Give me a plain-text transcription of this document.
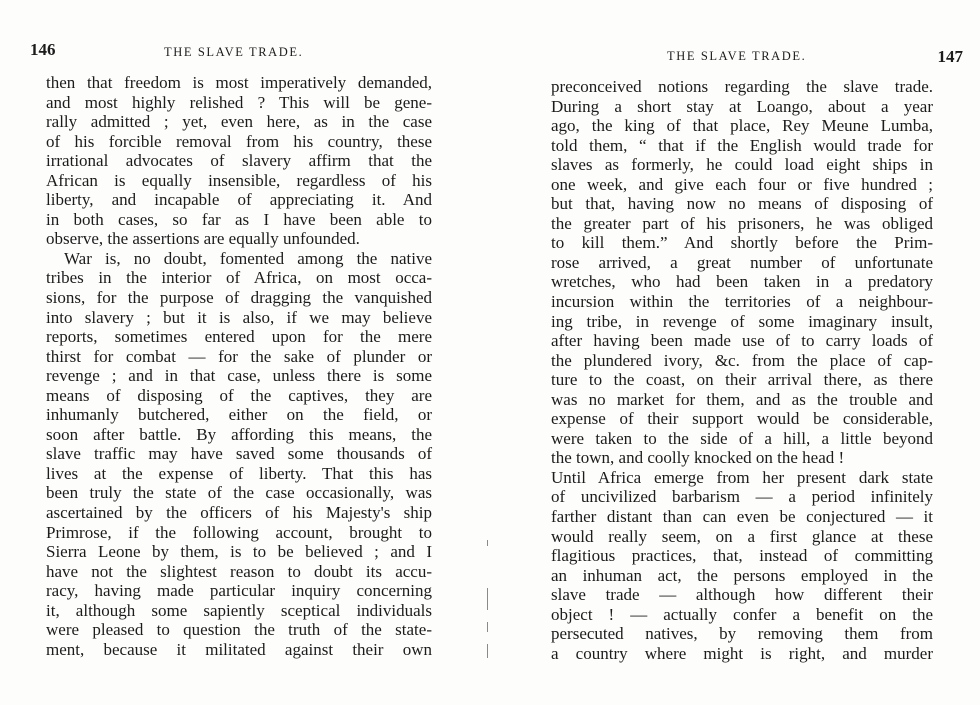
146	THE SLAVE TRADE.
then that freedom is most imperatively demanded,
and most highly relished ? This will be gene-
rally admitted ; yet, even here, as in the case
of his forcible removal from his country, these
irrational advocates of slavery affirm that the
African is equally insensible, regardless of his
liberty, and incapable of appreciating it. And
in both cases, so far as I have been able to
observe, the assertions are equally unfounded.
War is, no doubt, fomented among the native
tribes in the interior of Africa, on most occa-
sions, for the purpose of dragging the vanquished
into slavery ; but it is also, if we may believe
reports, sometimes entered upon for the mere
thirst for combat — for the sake of plunder or
revenge ; and in that case, unless there is some
means of disposing of the captives, they are
inhumanly butchered, either on the field, or
soon after battle. By affording this means, the
slave traffic may have saved some thousands of
lives at the expense of liberty. That this has
been truly the state of the case occasionally, was
ascertained by the officers of his Majesty's ship
Primrose, if the following account, brought to
Sierra Leone by them, is to be believed ; and I
have not the slightest reason to doubt its accu-
racy, having made particular inquiry concerning
it, although some sapiently sceptical individuals
were pleased to question the truth of the state-
ment, because it militated against their own
THE SLAVE TRADE.	147
preconceived notions regarding the slave trade.
During a short stay at Loango, about a year
ago, the king of that place, Rey Meune Lumba,
told them, “ that if the English would trade for
slaves as formerly, he could load eight ships in
one week, and give each four or five hundred ;
but that, having now no means of disposing of
the greater part of his prisoners, he was obliged
to kill them.” And shortly before the Prim-
rose arrived, a great number of unfortunate
wretches, who had been taken in a predatory
incursion within the territories of a neighbour-
ing tribe, in revenge of some imaginary insult,
after having been made use of to carry loads of
the plundered ivory, &c. from the place of cap-
ture to the coast, on their arrival there, as there
was no market for them, and as the trouble and
expense of their support would be considerable,
were taken to the side of a hill, a little beyond
the town, and coolly knocked on the head !
Until Africa emerge from her present dark state
of uncivilized barbarism — a period infinitely
farther distant than can even be conjectured — it
would really seem, on a first glance at these
flagitious practices, that, instead of committing
an inhuman act, the persons employed in the
slave trade — although how different their
object ! — actually confer a benefit on the
persecuted natives, by removing them from
a country where might is right, and murder
